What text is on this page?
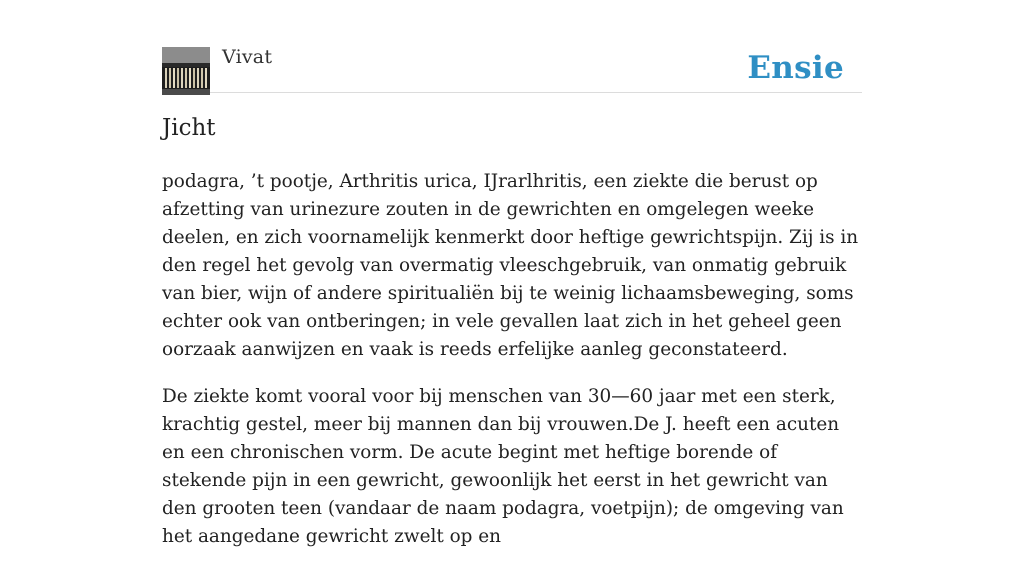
Vivat	Ensie
Jicht

podagra, ’t pootje, Arthritis urica, IJrarlhritis, een ziekte die berust op afzetting van urinezure zouten in de gewrichten en omgelegen weeke deelen, en zich voornamelijk kenmerkt door heftige gewrichtspijn. Zij is in den regel het gevolg van overmatig vleeschgebruik, van onmatig gebruik van bier, wijn of andere spiritualiën bij te weinig lichaamsbeweging, soms echter ook van ontberingen; in vele gevallen laat zich in het geheel geen oorzaak aanwijzen en vaak is reeds erfelijke aanleg geconstateerd.

De ziekte komt vooral voor bij menschen van 30—60 jaar met een sterk, krachtig gestel, meer bij mannen dan bij vrouwen.De J. heeft een acuten en een chronischen vorm. De acute begint met heftige borende of stekende pijn in een gewricht, gewoonlijk het eerst in het gewricht van den grooten teen (vandaar de naam podagra, voetpijn); de omgeving van het aangedane gewricht zwelt op en
